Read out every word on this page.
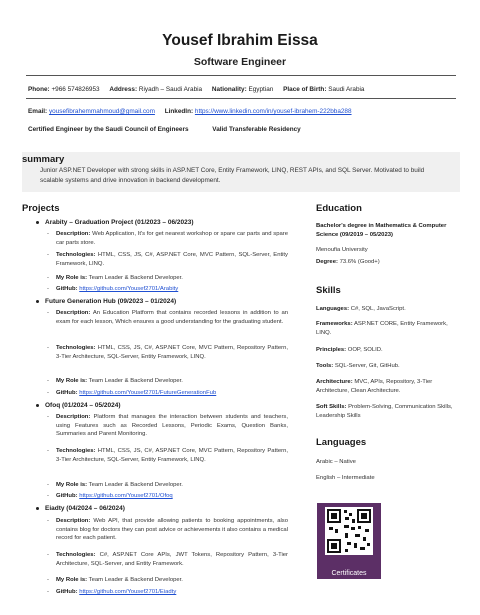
Yousef Ibrahim Eissa
Software Engineer
Phone: +966 574826953 Address: Riyadh – Saudi Arabia Nationality: Egyptian Place of Birth: Saudi Arabia
Email: yousefibrahemmahmoud@gmail.com LinkedIn: https://www.linkedin.com/in/yousef-ibrahem-222bba288
Certified Engineer by the Saudi Council of Engineers	Valid Transferable Residency
summary
Junior ASP.NET Developer with strong skills in ASP.NET Core, Entity Framework, LINQ, REST APIs, and SQL Server. Motivated to build scalable systems and drive innovation in backend development.
Projects
Arabity – Graduation Project (01/2023 – 06/2023)
- Description: Web Application, It's for get nearest workshop or spare car parts and spare car parts store.
- Technologies: HTML, CSS, JS, C#, ASP.NET Core, MVC Pattern, SQL-Server, Entity Framework, LINQ.
- My Role is: Team Leader & Backend Developer.
- GitHub: https://github.com/Yousef2701/Arabity
Future Generation Hub (09/2023 – 01/2024)
- Description: An Education Platform that contains recorded lessons in addition to an exam for each lesson, Which ensures a good understanding for the graduating student.
- Technologies: HTML, CSS, JS, C#, ASP.NET Core, MVC Pattern, Repository Pattern, 3-Tier Architecture, SQL-Server, Entity Framework, LINQ.
- My Role is: Team Leader & Backend Developer.
- GitHub: https://github.com/Yousef2701/FutureGenerationFub
Ofoq (01/2024 – 05/2024)
- Description: Platform that manages the interaction between students and teachers, using Features such as Recorded Lessons, Periodic Exams, Question Banks, Summaries and Parent Monitoring.
- Technologies: HTML, CSS, JS, C#, ASP.NET Core, MVC Pattern, Repository Pattern, 3-Tier Architecture, SQL-Server, Entity Framework, LINQ.
- My Role is: Team Leader & Backend Developer.
- GitHub: https://github.com/Yousef2701/Ofoq
Eiadty (04/2024 – 06/2024)
- Description: Web API, that provide allowing patients to booking appointments, also contains blog for doctors they can post advice or achievements it also contains a medical record for each patient.
- Technologies: C#, ASP.NET Core APIs, JWT Tokens, Repository Pattern, 3-Tier Architecture, SQL-Server, and Entity Framework.
- My Role is: Team Leader & Backend Developer.
- GitHub: https://github.com/Yousef2701/Eiadty
Education
Bachelor's degree in Mathematics & Computer Science (09/2019 – 05/2023)
Menoufia University
Degree: 73.6% (Good+)
Skills
Languages: C#, SQL, JavaScript.
Frameworks: ASP.NET CORE, Entity Framework, LINQ.
Principles: OOP, SOLID.
Tools: SQL-Server, Git, GitHub.
Architecture: MVC, APIs, Repository, 3-Tier Architecture, Clean Architecture.
Soft Skills: Problem-Solving, Communication Skills, Leadership Skills
Languages
Arabic – Native
English – Intermediate
Certificates
